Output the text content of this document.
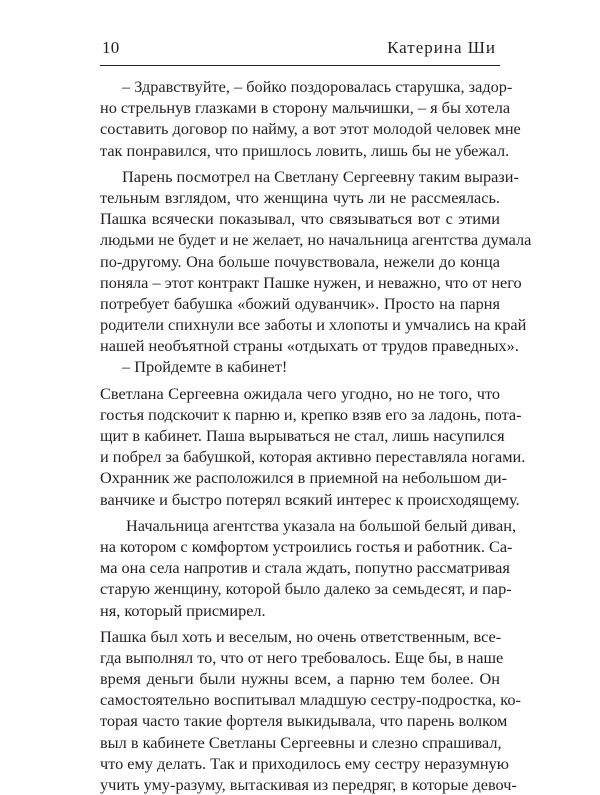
10	Катерина Ши
– Здравствуйте, – бойко поздоровалась старушка, задор-
но стрельнув глазками в сторону мальчишки, – я бы хотела
составить договор по найму, а вот этот молодой человек мне
так понравился, что пришлось ловить, лишь бы не убежал.
Парень посмотрел на Светлану Сергеевну таким вырази-
тельным взглядом, что женщина чуть ли не рассмеялась.
Пашка всячески показывал, что связываться вот с этими
людьми не будет и не желает, но начальница агентства думала
по-другому. Она больше почувствовала, нежели до конца
поняла – этот контракт Пашке нужен, и неважно, что от него
потребует бабушка «божий одуванчик». Просто на парня
родители спихнули все заботы и хлопоты и умчались на край
нашей необъятной страны «отдыхать от трудов праведных».
– Пройдемте в кабинет!
Светлана Сергеевна ожидала чего угодно, но не того, что
гостья подскочит к парню и, крепко взяв его за ладонь, пота-
щит в кабинет. Паша вырываться не стал, лишь насупился
и побрел за бабушкой, которая активно переставляла ногами.
Охранник же расположился в приемной на небольшом ди-
ванчике и быстро потерял всякий интерес к происходящему.
Начальница агентства указала на большой белый диван,
на котором с комфортом устроились гостья и работник. Са-
ма она села напротив и стала ждать, попутно рассматривая
старую женщину, которой было далеко за семьдесят, и пар-
ня, который присмирел.
Пашка был хоть и веселым, но очень ответственным, все-
гда выполнял то, что от него требовалось. Еще бы, в наше
время деньги были нужны всем, а парню тем более. Он
самостоятельно воспитывал младшую сестру-подростка, ко-
торая часто такие фортеля выкидывала, что парень волком
выл в кабинете Светланы Сергеевны и слезно спрашивал,
что ему делать. Так и приходилось ему сестру неразумную
учить уму-разуму, вытаскивая из передряг, в которые девоч-
